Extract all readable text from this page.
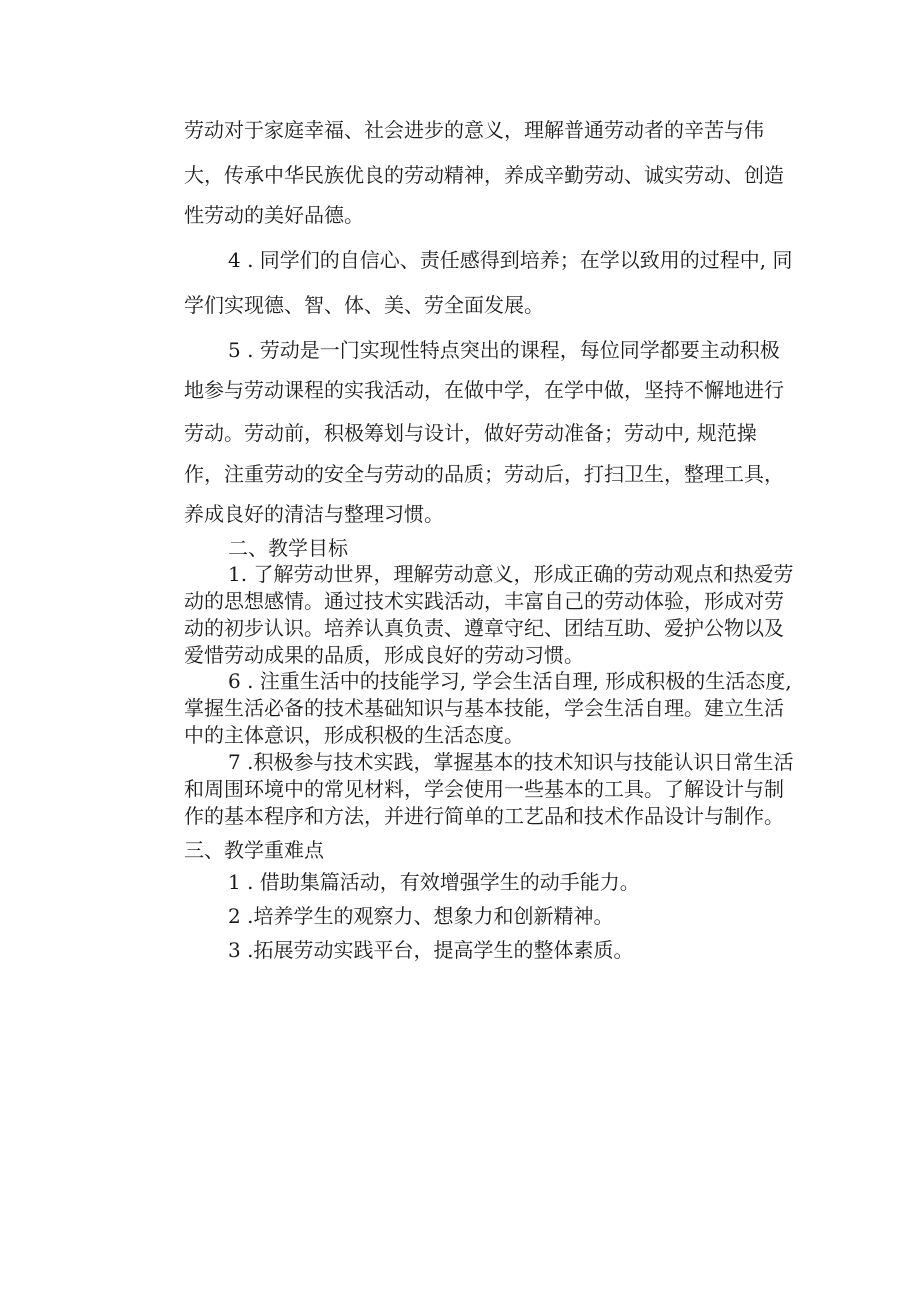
劳动对于家庭幸福、社会进步的意义，理解普通劳动者的辛苦与伟

大，传承中华民族优良的劳动精神，养成辛勤劳动、诚实劳动、创造

性劳动的美好品德。

4 . 同学们的自信心、责任感得到培养；在学以致用的过程中, 同

学们实现德、智、体、美、劳全面发展。

5 . 劳动是一门实现性特点突出的课程，每位同学都要主动积极

地参与劳动课程的实我活动，在做中学，在学中做，坚持不懈地进行

劳动。劳动前，积极筹划与设计，做好劳动准备；劳动中, 规范操

作，注重劳动的安全与劳动的品质；劳动后，打扫卫生，整理工具，

养成良好的清洁与整理习惯。

二、教学目标

1. 了解劳动世界，理解劳动意义，形成正确的劳动观点和热爱劳

动的思想感情。通过技术实践活动，丰富自己的劳动体验，形成对劳

动的初步认识。培养认真负责、遵章守纪、团结互助、爱护公物以及

爱惜劳动成果的品质，形成良好的劳动习惯。

6 . 注重生活中的技能学习, 学会生活自理, 形成积极的生活态度,

掌握生活必备的技术基础知识与基本技能，学会生活自理。建立生活

中的主体意识，形成积极的生活态度。

7 .积极参与技术实践，掌握基本的技术知识与技能认识日常生活

和周围环境中的常见材料，学会使用一些基本的工具。了解设计与制

作的基本程序和方法，并进行简单的工艺品和技术作品设计与制作。

三、教学重难点

1 . 借助集篇活动，有效增强学生的动手能力。

2 .培养学生的观察力、想象力和创新精神。

3 .拓展劳动实践平台，提高学生的整体素质。
